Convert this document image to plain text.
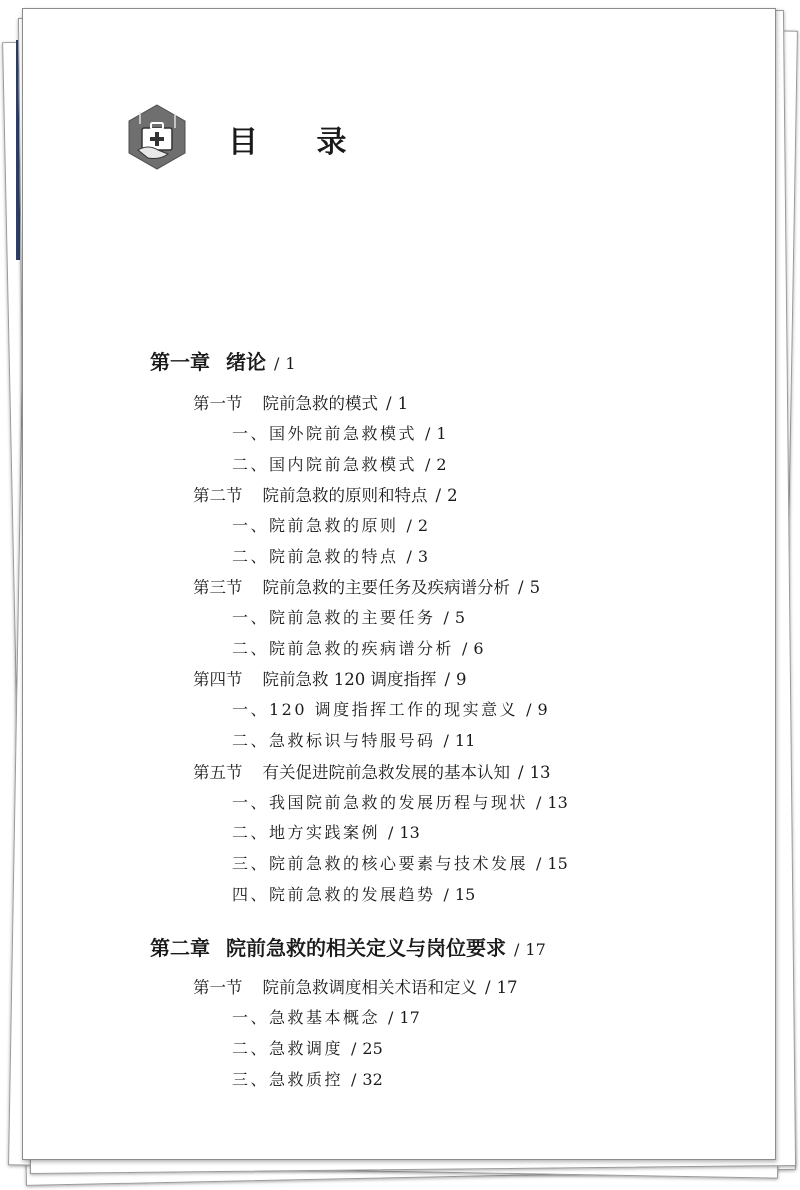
目 录
第一章 绪论 / 1
第一节 院前急救的模式 / 1
一、国外院前急救模式 / 1
二、国内院前急救模式 / 2
第二节 院前急救的原则和特点 / 2
一、院前急救的原则 / 2
二、院前急救的特点 / 3
第三节 院前急救的主要任务及疾病谱分析 / 5
一、院前急救的主要任务 / 5
二、院前急救的疾病谱分析 / 6
第四节 院前急救 120 调度指挥 / 9
一、120 调度指挥工作的现实意义 / 9
二、急救标识与特服号码 / 11
第五节 有关促进院前急救发展的基本认知 / 13
一、我国院前急救的发展历程与现状 / 13
二、地方实践案例 / 13
三、院前急救的核心要素与技术发展 / 15
四、院前急救的发展趋势 / 15
第二章 院前急救的相关定义与岗位要求 / 17
第一节 院前急救调度相关术语和定义 / 17
一、急救基本概念 / 17
二、急救调度 / 25
三、急救质控 / 32
